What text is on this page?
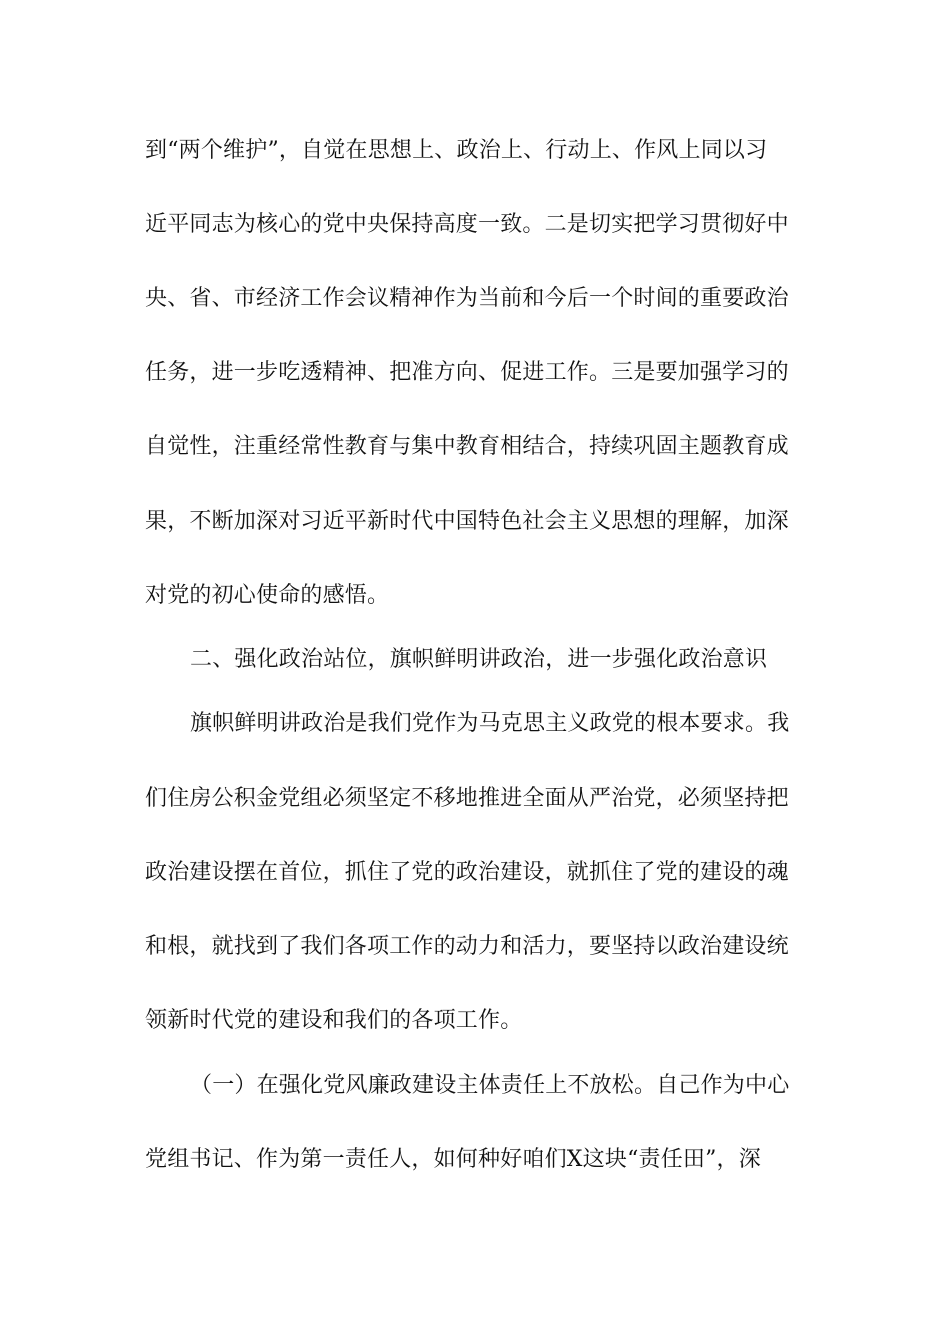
到“两个维护”，自觉在思想上、政治上、行动上、作风上同以习
近平同志为核心的党中央保持高度一致。二是切实把学习贯彻好中
央、省、市经济工作会议精神作为当前和今后一个时间的重要政治
任务，进一步吃透精神、把准方向、促进工作。三是要加强学习的
自觉性，注重经常性教育与集中教育相结合，持续巩固主题教育成
果，不断加深对习近平新时代中国特色社会主义思想的理解，加深
对党的初心使命的感悟。
二、强化政治站位，旗帜鲜明讲政治，进一步强化政治意识
旗帜鲜明讲政治是我们党作为马克思主义政党的根本要求。我
们住房公积金党组必须坚定不移地推进全面从严治党，必须坚持把
政治建设摆在首位，抓住了党的政治建设，就抓住了党的建设的魂
和根，就找到了我们各项工作的动力和活力，要坚持以政治建设统
领新时代党的建设和我们的各项工作。
（一）在强化党风廉政建设主体责任上不放松。自己作为中心
党组书记、作为第一责任人，如何种好咱们X这块“责任田”，深
